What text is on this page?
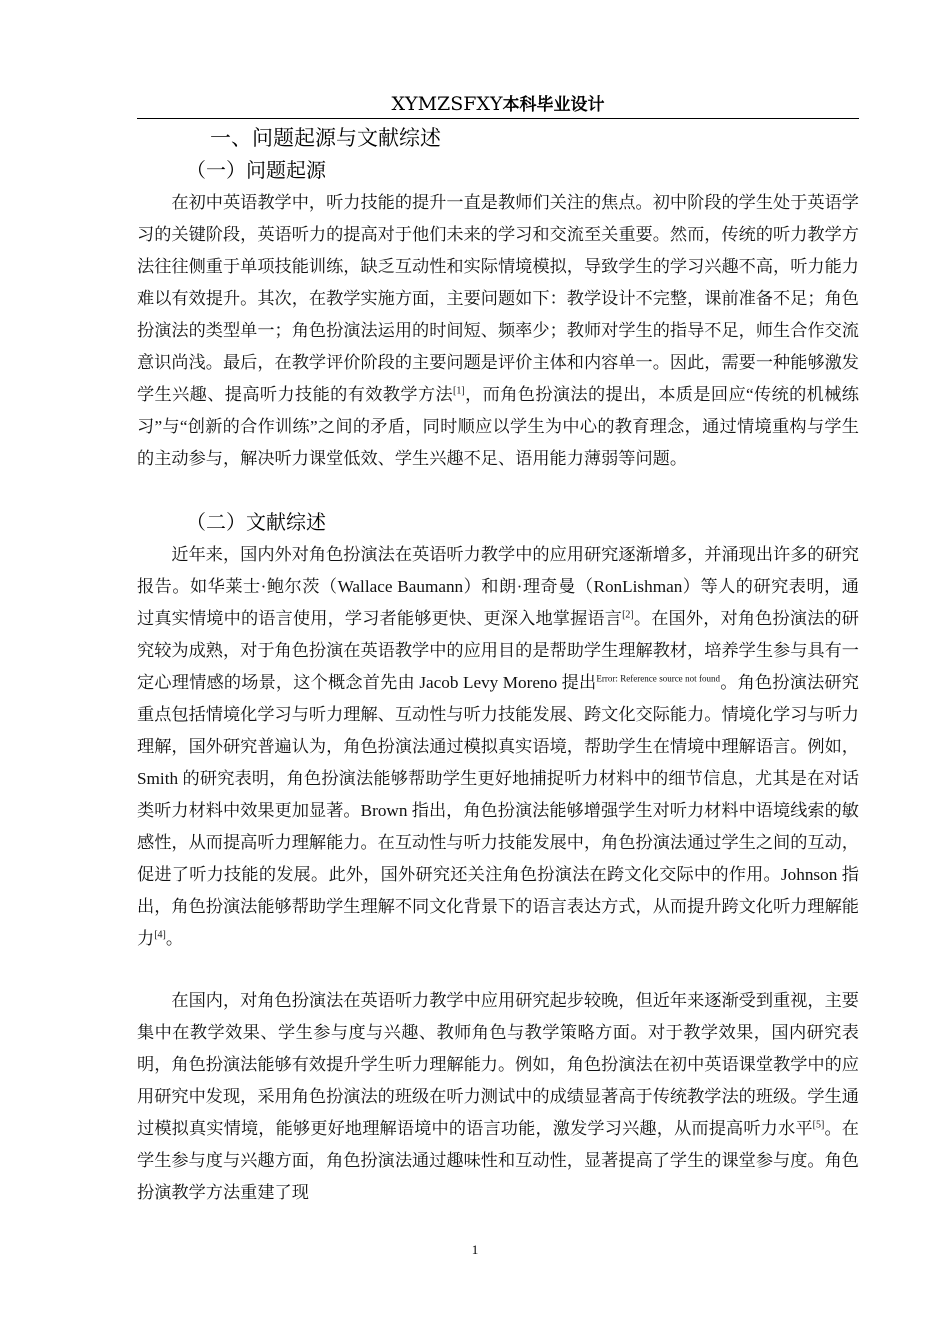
XYMZSFXY本科毕业设计
一、问题起源与文献综述
（一）问题起源

在初中英语教学中，听力技能的提升一直是教师们关注的焦点。初中阶段的学生处于英语学习的关键阶段，英语听力的提高对于他们未来的学习和交流至关重要。然而，传统的听力教学方法往往侧重于单项技能训练，缺乏互动性和实际情境模拟，导致学生的学习兴趣不高，听力能力难以有效提升。其次，在教学实施方面，主要问题如下：教学设计不完整，课前准备不足；角色扮演法的类型单一；角色扮演法运用的时间短、频率少；教师对学生的指导不足，师生合作交流意识尚浅。最后，在教学评价阶段的主要问题是评价主体和内容单一。因此，需要一种能够激发学生兴趣、提高听力技能的有效教学方法[1]，而角色扮演法的提出，本质是回应“传统的机械练习”与“创新的合作训练”之间的矛盾，同时顺应以学生为中心的教育理念，通过情境重构与学生的主动参与，解决听力课堂低效、学生兴趣不足、语用能力薄弱等问题。

（二）文献综述

近年来，国内外对角色扮演法在英语听力教学中的应用研究逐渐增多，并涌现出许多的研究报告。如华莱士·鲍尔茨（Wallace Baumann）和朗·理奇曼（RonLishman）等人的研究表明，通过真实情境中的语言使用，学习者能够更快、更深入地掌握语言[2]。在国外，对角色扮演法的研究较为成熟，对于角色扮演在英语教学中的应用目的是帮助学生理解教材，培养学生参与具有一定心理情感的场景，这个概念首先由 Jacob Levy Moreno 提出$^{Error: Reference source not found}$。角色扮演法研究重点包括情境化学习与听力理解、互动性与听力技能发展、跨文化交际能力。情境化学习与听力理解，国外研究普遍认为，角色扮演法通过模拟真实语境，帮助学生在情境中理解语言。例如，Smith 的研究表明，角色扮演法能够帮助学生更好地捕捉听力材料中的细节信息，尤其是在对话类听力材料中效果更加显著。Brown 指出，角色扮演法能够增强学生对听力材料中语境线索的敏感性，从而提高听力理解能力。在互动性与听力技能发展中，角色扮演法通过学生之间的互动，促进了听力技能的发展。此外，国外研究还关注角色扮演法在跨文化交际中的作用。Johnson 指出，角色扮演法能够帮助学生理解不同文化背景下的语言表达方式，从而提升跨文化听力理解能力[4]。

在国内，对角色扮演法在英语听力教学中应用研究起步较晚，但近年来逐渐受到重视，主要集中在教学效果、学生参与度与兴趣、教师角色与教学策略方面。对于教学效果，国内研究表明，角色扮演法能够有效提升学生听力理解能力。例如，角色扮演法在初中英语课堂教学中的应用研究中发现，采用角色扮演法的班级在听力测试中的成绩显著高于传统教学法的班级。学生通过模拟真实情境，能够更好地理解语境中的语言功能，激发学习兴趣，从而提高听力水平[5]。在学生参与度与兴趣方面，角色扮演法通过趣味性和互动性，显著提高了学生的课堂参与度。角色扮演教学方法重建了现

1
